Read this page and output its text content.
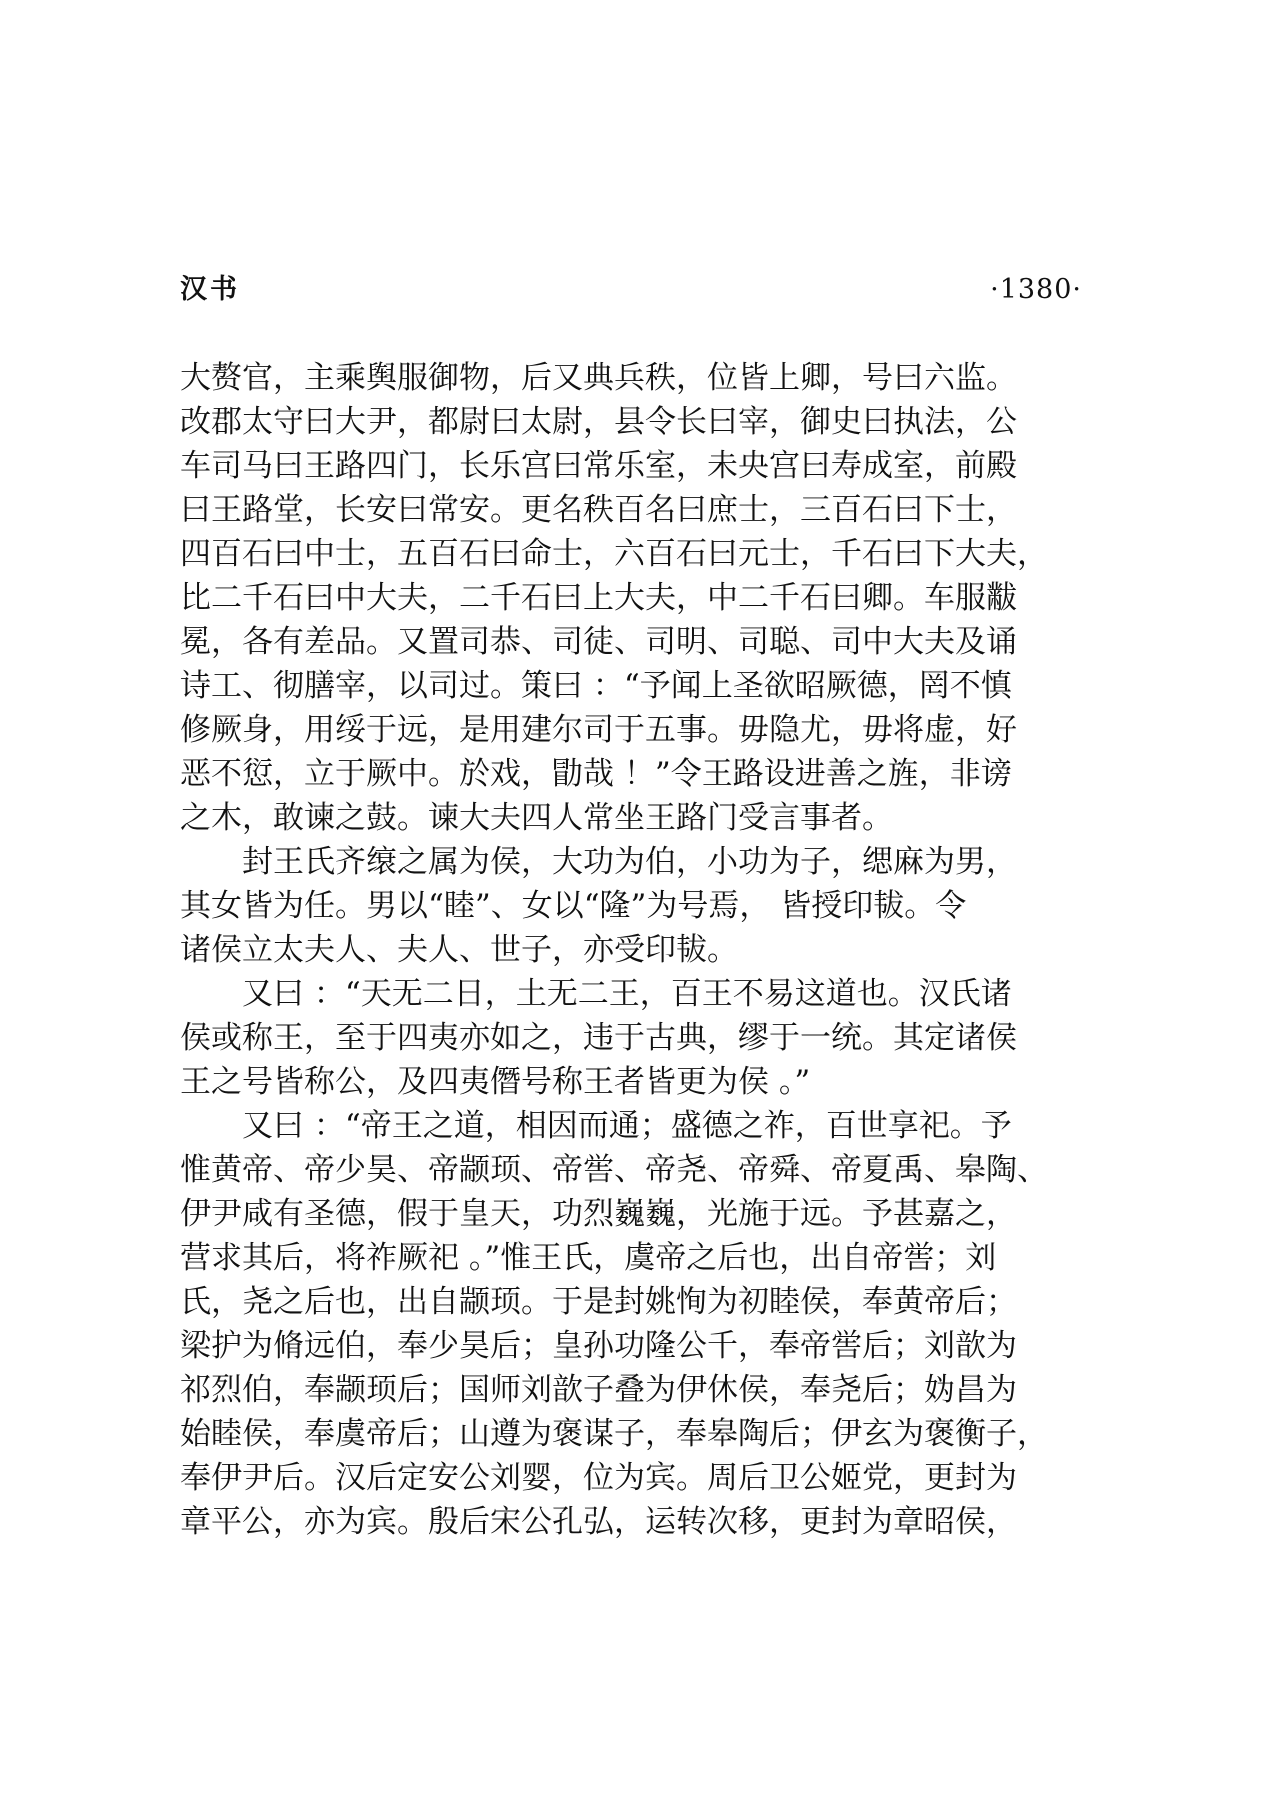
汉书	·1380·
大赘官，主乘舆服御物，后又典兵秩，位皆上卿，号曰六监。
改郡太守曰大尹，都尉曰太尉，县令长曰宰，御史曰执法，公
车司马曰王路四门，长乐宫曰常乐室，未央宫曰寿成室，前殿
曰王路堂，长安曰常安。更名秩百名曰庶士，三百石曰下士，
四百石曰中士，五百石曰命士，六百石曰元士，千石曰下大夫，
比二千石曰中大夫，二千石曰上大夫，中二千石曰卿。车服黻
冕，各有差品。又置司恭、司徒、司明、司聪、司中大夫及诵
诗工、彻膳宰，以司过。策曰 ：“予闻上圣欲昭厥德，罔不慎
修厥身，用绥于远，是用建尔司于五事。毋隐尤，毋将虚，好
恶不愆，立于厥中。於戏，勖哉 ！”令王路设进善之旌，非谤
之木，敢谏之鼓。谏大夫四人常坐王路门受言事者。
封王氏齐缞之属为侯，大功为伯，小功为子，缌麻为男，
其女皆为任。男以“睦”、女以“隆”为号焉， 皆授印韨。令
诸侯立太夫人、夫人、世子，亦受印韨。
又曰 ：“天无二日，土无二王，百王不易这道也。汉氏诸
侯或称王，至于四夷亦如之，违于古典，缪于一统。其定诸侯
王之号皆称公，及四夷僭号称王者皆更为侯 。”
又曰 ：“帝王之道，相因而通；盛德之祚，百世享祀。予
惟黄帝、帝少昊、帝颛顼、帝喾、帝尧、帝舜、帝夏禹、皋陶、
伊尹咸有圣德，假于皇天，功烈巍巍，光施于远。予甚嘉之，
营求其后，将祚厥祀 。”惟王氏，虞帝之后也，出自帝喾；刘
氏，尧之后也，出自颛顼。于是封姚恂为初睦侯，奉黄帝后；
梁护为脩远伯，奉少昊后；皇孙功隆公千，奉帝喾后；刘歆为
祁烈伯，奉颛顼后；国师刘歆子叠为伊休侯，奉尧后；妫昌为
始睦侯，奉虞帝后；山遵为褒谋子，奉皋陶后；伊玄为褒衡子，
奉伊尹后。汉后定安公刘婴，位为宾。周后卫公姬党，更封为
章平公，亦为宾。殷后宋公孔弘，运转次移，更封为章昭侯，
